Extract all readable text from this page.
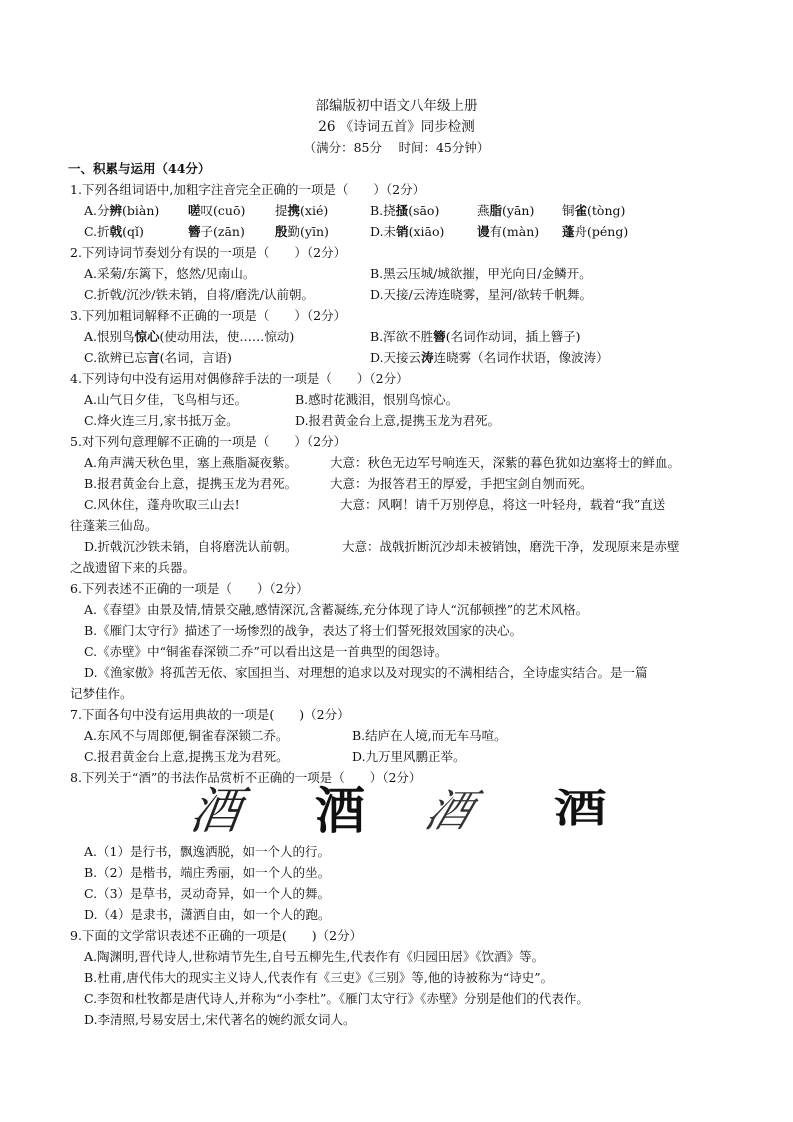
部编版初中语文八年级上册
26 《诗词五首》同步检测
（满分：85分　 时间：45分钟）
一、积累与运用（44分）
1.下列各组词语中,加粗字注音完全正确的一项是（　　）（2分）
A.分辨(biàn) 嗟叹(cuō) 提携(xié)	B.挠搔(sāo)	燕脂(yān) 铜雀(tòng)
C.折戟(qǐ)	簪子(zān) 殷勤(yīn)	D.未销(xiāo)	谩有(màn) 蓬舟(péng)
2.下列诗词节奏划分有误的一项是（　　）（2分）
A.采菊/东篱下，悠然/见南山。	B.黑云压城/城欲摧，甲光向日/金鳞开。
C.折戟/沉沙/铁未销，自将/磨洗/认前朝。	D.天接/云涛连晓雾，星河/欲转千帆舞。
3.下列加粗词解释不正确的一项是（　　）（2分）
A.恨别鸟惊心(使动用法，使……惊动)	B.浑欲不胜簪(名词作动词，插上簪子)
C.欲辨已忘言(名词，言语)	D.天接云涛连晓雾（名词作状语，像波涛）
4.下列诗句中没有运用对偶修辞手法的一项是（　　）（2分）
A.山气日夕佳，飞鸟相与还。	B.感时花溅泪，恨别鸟惊心。
C.烽火连三月,家书抵万金。	D.报君黄金台上意,提携玉龙为君死。
5.对下列句意理解不正确的一项是（　　）（2分）
A.角声满天秋色里，塞上燕脂凝夜紫。	大意：秋色无边军号响连天，深紫的暮色犹如边塞将士的鲜血。
B.报君黄金台上意，提携玉龙为君死。	大意：为报答君王的厚爱，手把宝剑自刎而死。
C.风休住，蓬舟吹取三山去!	大意：风啊！请千万别停息，将这一叶轻舟，载着“我”直送
往蓬莱三仙岛。
D.折戟沉沙铁未销，自将磨洗认前朝。	大意：战戟折断沉沙却未被销蚀，磨洗干净，发现原来是赤壁
之战遗留下来的兵器。
6.下列表述不正确的一项是（　　）（2分）
A.《春望》由景及情,情景交融,感情深沉,含蓄凝练,充分体现了诗人“沉郁顿挫”的艺术风格。
B.《雁门太守行》描述了一场惨烈的战争，表达了将士们誓死报效国家的决心。
C.《赤壁》中“铜雀春深锁二乔”可以看出这是一首典型的闺怨诗。
D.《渔家傲》将孤苦无依、家国担当、对理想的追求以及对现实的不满相结合，全诗虚实结合。是一篇
记梦佳作。
7.下面各句中没有运用典故的一项是(　　)（2分）
A.东风不与周郎便,铜雀春深锁二乔。	B.结庐在人境,而无车马喧。
C.报君黄金台上意,提携玉龙为君死。	D.九万里风鹏正举。
8.下列关于“酒”的书法作品赏析不正确的一项是（　　）（2分）
酒 酒 酒 酒
A.（1）是行书，飘逸洒脱，如一个人的行。
B.（2）是楷书，端庄秀丽，如一个人的坐。
C.（3）是草书，灵动奇异，如一个人的舞。
D.（4）是隶书，潇洒自由，如一个人的跑。
9.下面的文学常识表述不正确的一项是(　　)（2分）
A.陶渊明,晋代诗人,世称靖节先生,自号五柳先生,代表作有《归园田居》《饮酒》等。
B.杜甫,唐代伟大的现实主义诗人,代表作有《三吏》《三别》等,他的诗被称为“诗史”。
C.李贺和杜牧都是唐代诗人,并称为“小李杜”。《雁门太守行》《赤壁》分别是他们的代表作。
D.李清照,号易安居士,宋代著名的婉约派女词人。
